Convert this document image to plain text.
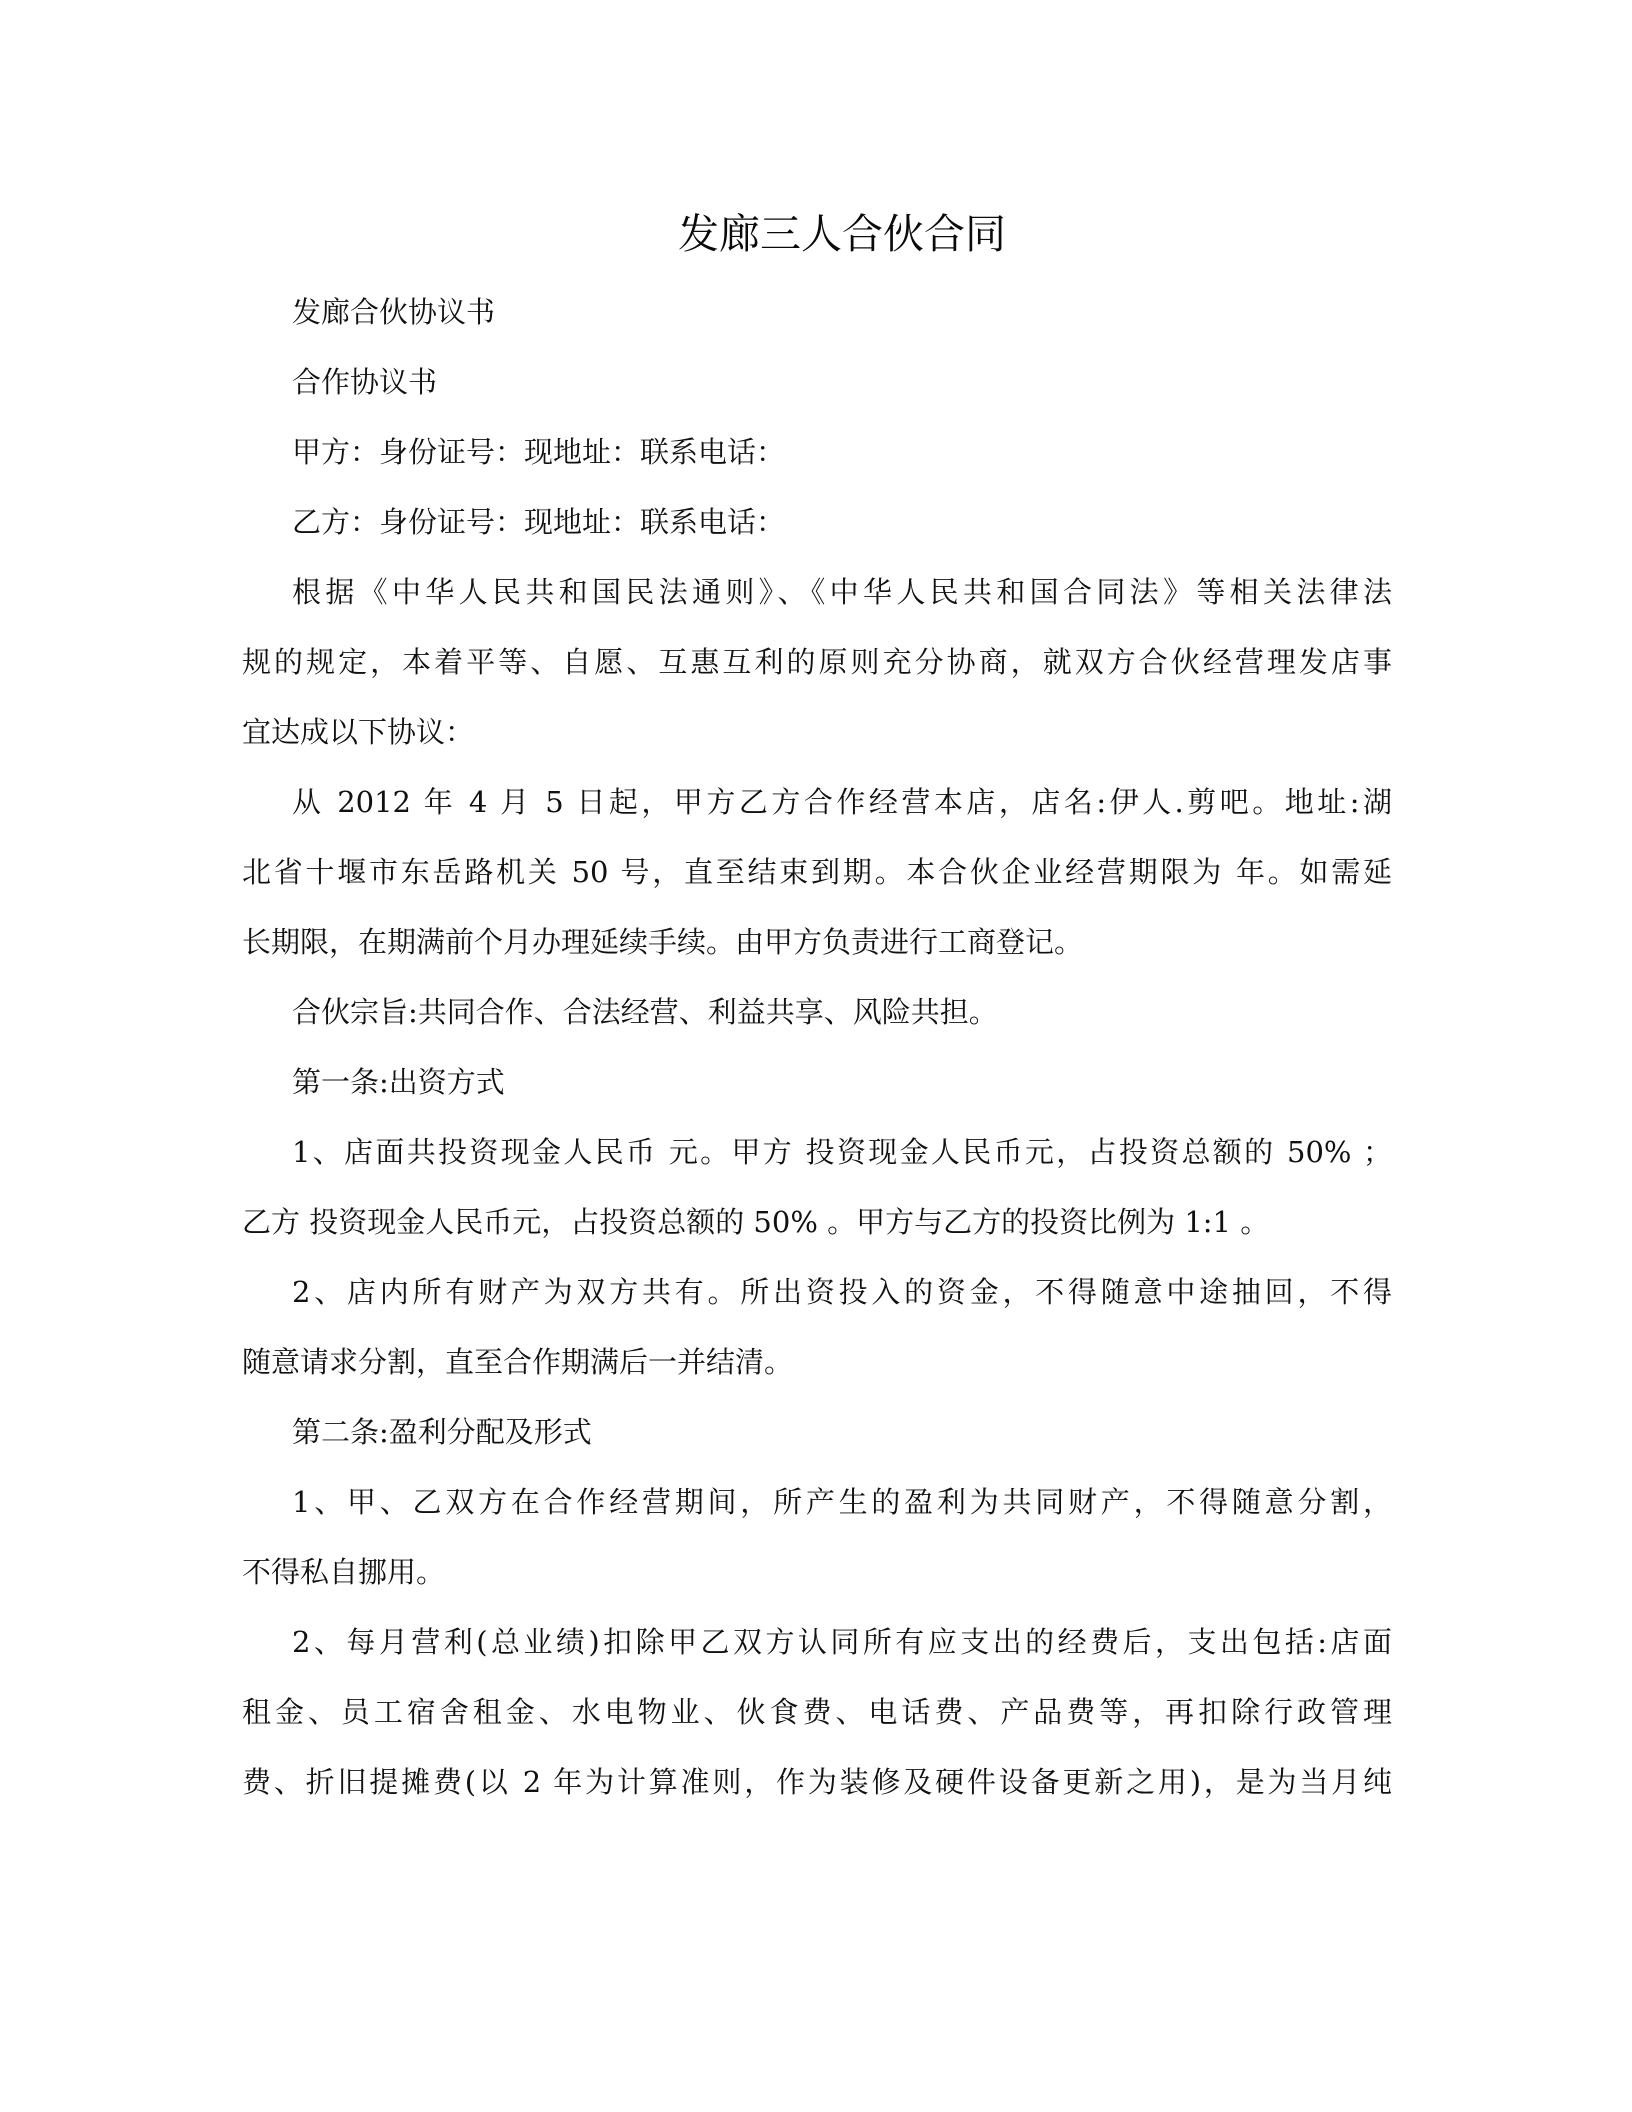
发廊三人合伙合同
发廊合伙协议书
合作协议书
甲方：身份证号：现地址：联系电话：
乙方：身份证号：现地址：联系电话：
根据《中华人民共和国民法通则》、《中华人民共和国合同法》等相关法律法
规的规定，本着平等、自愿、互惠互利的原则充分协商，就双方合伙经营理发店事
宜达成以下协议：
从 2012 年 4 月 5 日起，甲方乙方合作经营本店，店名:伊人.剪吧。地址:湖
北省十堰市东岳路机关 50 号，直至结束到期。本合伙企业经营期限为 年。如需延
长期限，在期满前个月办理延续手续。由甲方负责进行工商登记。
合伙宗旨:共同合作、合法经营、利益共享、风险共担。
第一条:出资方式
1、店面共投资现金人民币 元。甲方 投资现金人民币元，占投资总额的 50% ；
乙方 投资现金人民币元，占投资总额的 50% 。甲方与乙方的投资比例为 1:1 。
2、店内所有财产为双方共有。所出资投入的资金，不得随意中途抽回，不得
随意请求分割，直至合作期满后一并结清。
第二条:盈利分配及形式
1、甲、乙双方在合作经营期间，所产生的盈利为共同财产，不得随意分割，
不得私自挪用。
2、每月营利(总业绩)扣除甲乙双方认同所有应支出的经费后，支出包括:店面
租金、员工宿舍租金、水电物业、伙食费、电话费、产品费等，再扣除行政管理
费、折旧提摊费(以 2 年为计算准则，作为装修及硬件设备更新之用)，是为当月纯
